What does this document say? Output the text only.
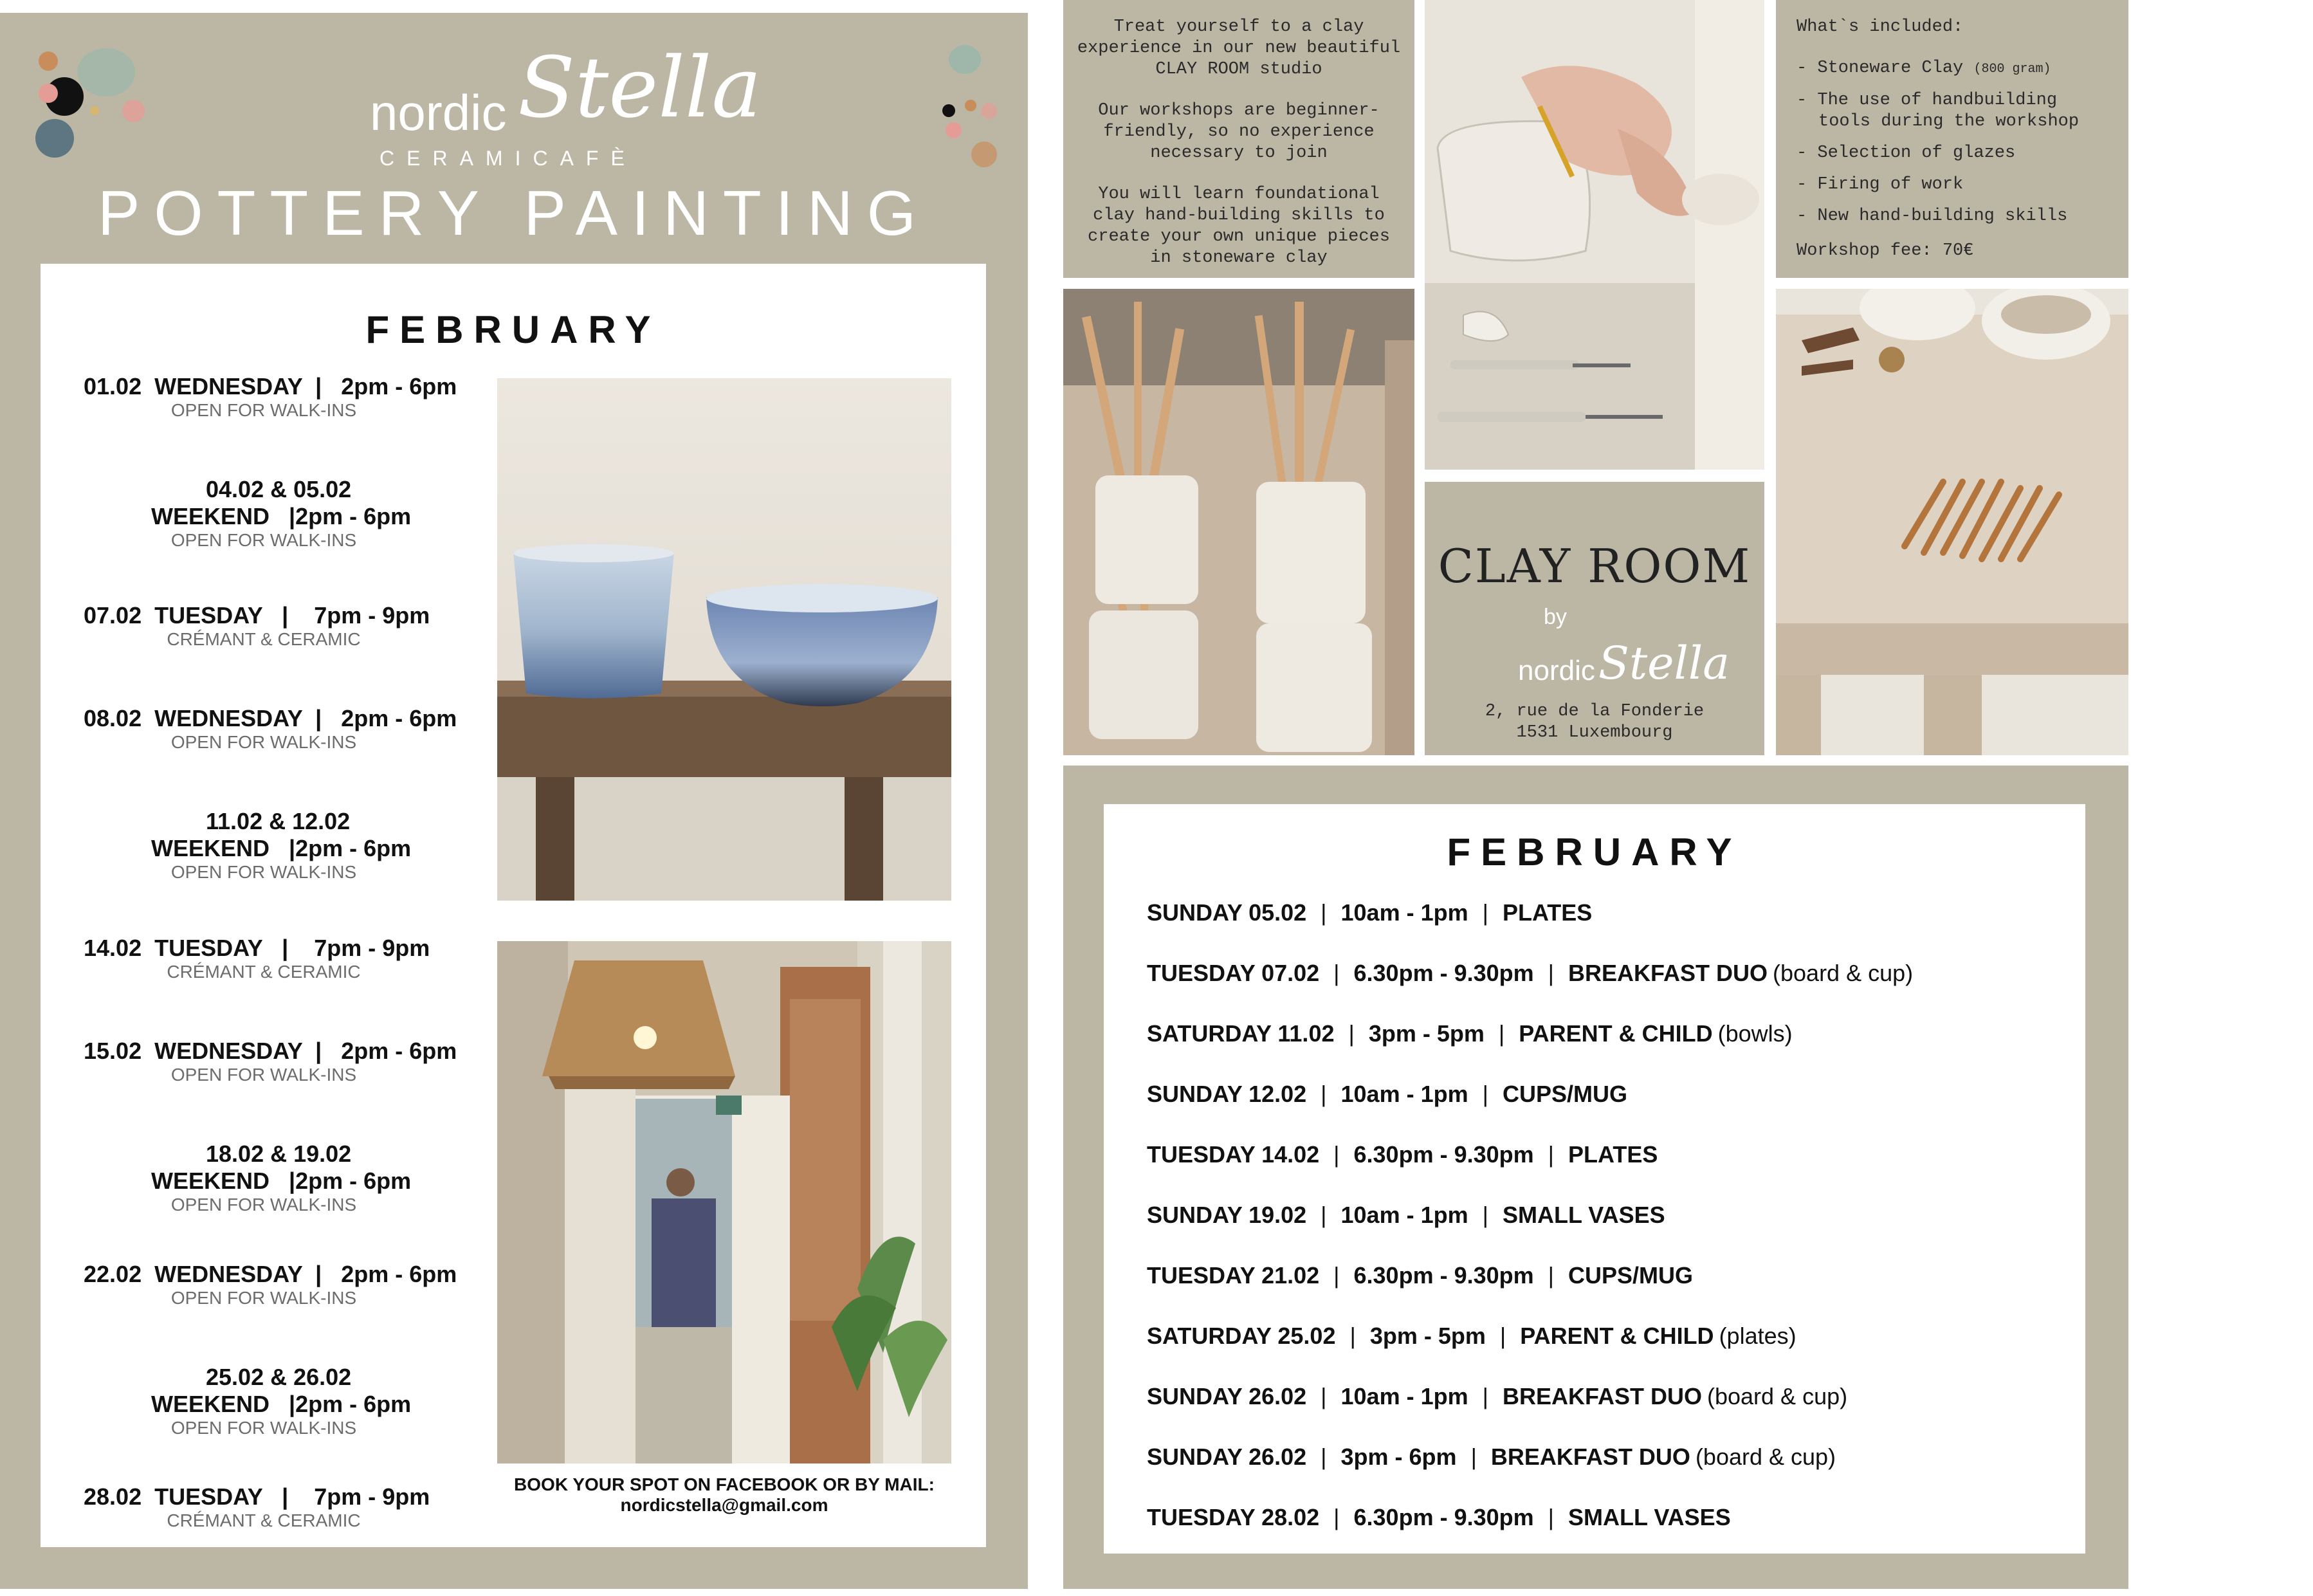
nordic Stella
CERAMICAFÈ
POTTERY PAINTING
FEBRUARY
01.02  WEDNESDAY  |   2pm - 6pm
OPEN FOR WALK-INS
04.02 & 05.02
WEEKEND   |2pm - 6pm
OPEN FOR WALK-INS
07.02  TUESDAY   |    7pm - 9pm
CRÉMANT & CERAMIC
08.02  WEDNESDAY  |   2pm - 6pm
OPEN FOR WALK-INS
11.02 & 12.02
WEEKEND   |2pm - 6pm
OPEN FOR WALK-INS
14.02  TUESDAY   |    7pm - 9pm
CRÉMANT & CERAMIC
15.02  WEDNESDAY  |   2pm - 6pm
OPEN FOR WALK-INS
18.02 & 19.02
WEEKEND   |2pm - 6pm
OPEN FOR WALK-INS
22.02  WEDNESDAY  |   2pm - 6pm
OPEN FOR WALK-INS
25.02 & 26.02
WEEKEND   |2pm - 6pm
OPEN FOR WALK-INS
28.02  TUESDAY   |    7pm - 9pm
CRÉMANT & CERAMIC
BOOK YOUR SPOT ON FACEBOOK OR BY MAIL:
nordicstella@gmail.com
Treat yourself to a clay experience in our new beautiful CLAY ROOM studio
Our workshops are beginner-friendly, so no experience necessary to join
You will learn foundational clay hand-building skills to create your own unique pieces in stoneware clay
What`s included:
- Stoneware Clay (800 gram)
- The use of handbuilding tools during the workshop
- Selection of glazes
- Firing of work
- New hand-building skills
Workshop fee: 70€
CLAY ROOM
by
nordic Stella
2, rue de la Fonderie
1531 Luxembourg
FEBRUARY
SUNDAY 05.02 | 10am - 1pm | PLATES
TUESDAY 07.02 | 6.30pm - 9.30pm | BREAKFAST DUO (board & cup)
SATURDAY 11.02 | 3pm - 5pm | PARENT & CHILD (bowls)
SUNDAY 12.02 | 10am - 1pm | CUPS/MUG
TUESDAY 14.02 | 6.30pm - 9.30pm | PLATES
SUNDAY 19.02 | 10am - 1pm | SMALL VASES
TUESDAY 21.02 | 6.30pm - 9.30pm | CUPS/MUG
SATURDAY 25.02 | 3pm - 5pm | PARENT & CHILD (plates)
SUNDAY 26.02 | 10am - 1pm | BREAKFAST DUO (board & cup)
SUNDAY 26.02 | 3pm - 6pm | BREAKFAST DUO (board & cup)
TUESDAY 28.02 | 6.30pm - 9.30pm | SMALL VASES
